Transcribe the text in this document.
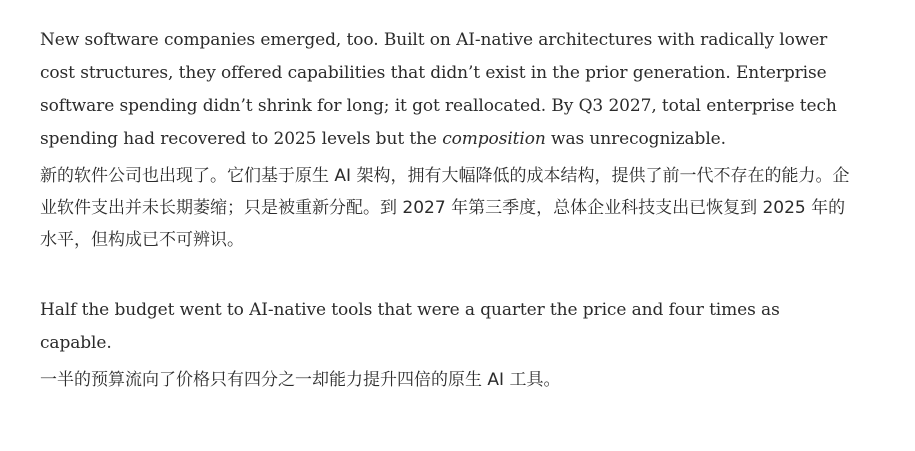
New software companies emerged, too. Built on AI-native architectures with radically lower cost structures, they offered capabilities that didn’t exist in the prior generation. Enterprise software spending didn’t shrink for long; it got reallocated. By Q3 2027, total enterprise tech spending had recovered to 2025 levels but the composition was unrecognizable.

新的软件公司也出现了。它们基于原生 AI 架构，拥有大幅降低的成本结构，提供了前一代不存在的能力。企业软件支出并未长期萎缩；只是被重新分配。到 2027 年第三季度，总体企业科技支出已恢复到 2025 年的水平，但构成已不可辨识。

Half the budget went to AI-native tools that were a quarter the price and four times as capable.

一半的预算流向了价格只有四分之一却能力提升四倍的原生 AI 工具。
